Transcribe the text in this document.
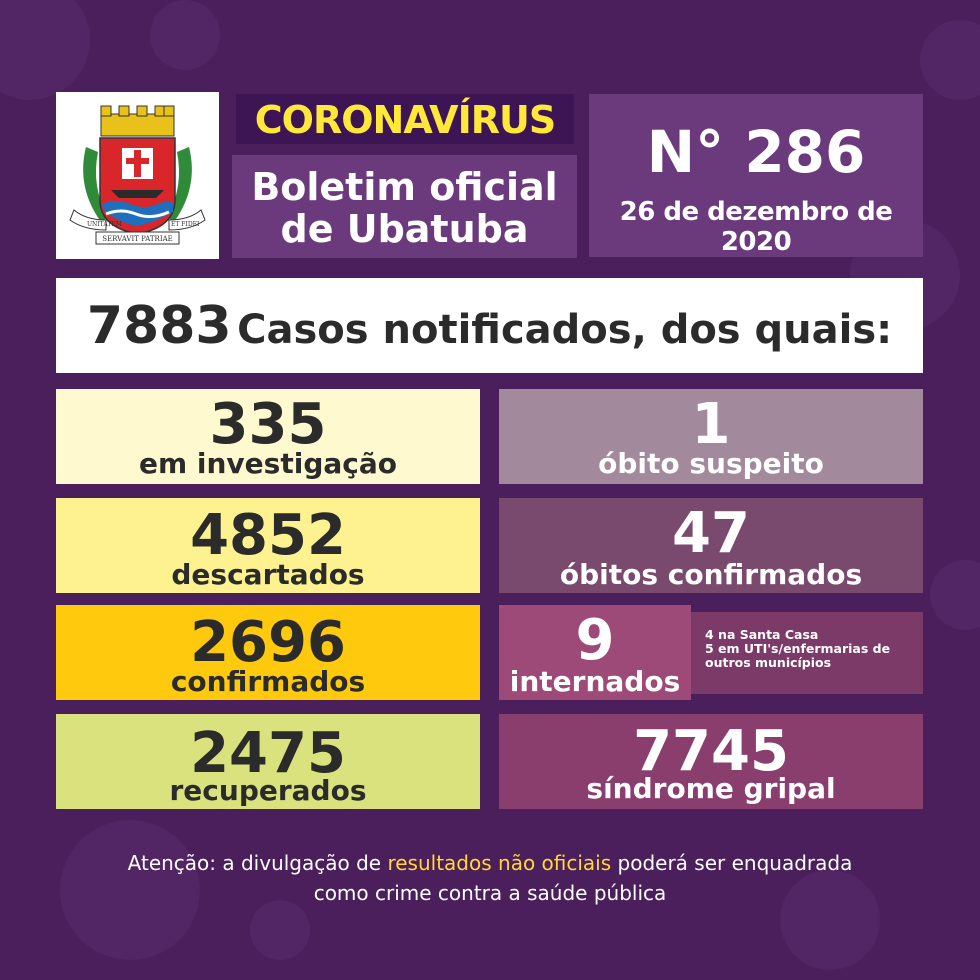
UNITATEM	ET FIDEI
SERVAVIT PATRIAE
CORONAVÍRUS
Boletim oficial
de Ubatuba
N° 286
26 de dezembro de 2020
7883 Casos notificados, dos quais:
335
em investigação
4852
descartados
2696
confirmados
2475
recuperados
1
óbito suspeito
47
óbitos confirmados
9
internados
4 na Santa Casa
5 em UTI's/enfermarias de
outros municípios
7745
síndrome gripal
Atenção: a divulgação de resultados não oficiais poderá ser enquadrada
como crime contra a saúde pública
